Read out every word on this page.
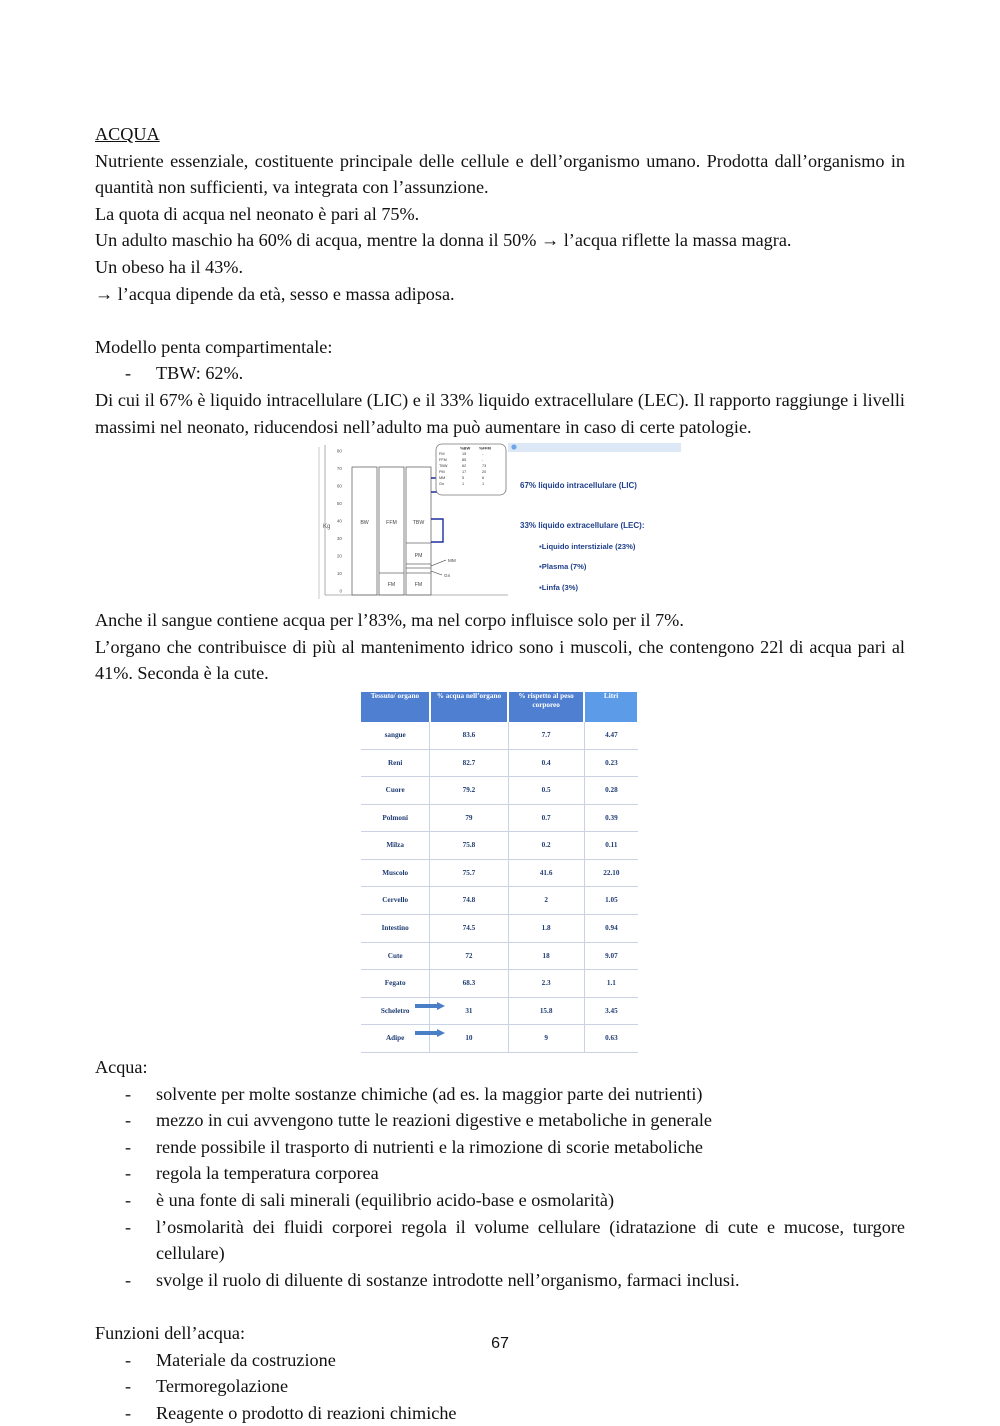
ACQUA

Nutriente essenziale, costituente principale delle cellule e dell’organismo umano. Prodotta dall’organismo in quantità non sufficienti, va integrata con l’assunzione.

La quota di acqua nel neonato è pari al 75%.

Un adulto maschio ha 60% di acqua, mentre la donna il 50% → l’acqua riflette la massa magra.

Un obeso ha il 43%.

→ l’acqua dipende da età, sesso e massa adiposa.

Modello penta compartimentale:

- TBW: 62%.

Di cui il 67% è liquido intracellulare (LIC) e il 33% liquido extracellulare (LEC). Il rapporto raggiunge i livelli massimi nel neonato, riducendosi nell’adulto ma può aumentare in caso di certe patologie.

80
70
60
50
40
30
20
10
0
Kg
BW	FFM	TBW
FM	FM
PM
MM
Gn
%BW %FFM
FM	15	-
FFM	85	-
TBW	62	73
PM	17	20
MM	5	6
Gn	1	1	67% liquido intracellulare (LIC)
33% liquido extracellulare (LEC):
▪Liquido interstiziale (23%)
▪Plasma (7%)
▪Linfa (3%)

Anche il sangue contiene acqua per l’83%, ma nel corpo influisce solo per il 7%.

L’organo che contribuisce di più al mantenimento idrico sono i muscoli, che contengono 22l di acqua pari al 41%. Seconda è la cute.

Tessuto/ organo	% acqua nell’organo	% rispetto al peso corporeo	Litri
sangue	83.6	7.7	4.47
Reni	82.7	0.4	0.23
Cuore	79.2	0.5	0.28
Polmoni	79	0.7	0.39
Milza	75.8	0.2	0.11
Muscolo	75.7	41.6	22.10
Cervello	74.8	2	1.05
Intestino	74.5	1.8	0.94
Cute	72	18	9.07
Fegato	68.3	2.3	1.1
Scheletro	31	15.8	3.45
Adipe	10	9	0.63

Acqua:

- solvente per molte sostanze chimiche (ad es. la maggior parte dei nutrienti)
- mezzo in cui avvengono tutte le reazioni digestive e metaboliche in generale
- rende possibile il trasporto di nutrienti e la rimozione di scorie metaboliche
- regola la temperatura corporea
- è una fonte di sali minerali (equilibrio acido-base e osmolarità)
- l’osmolarità dei fluidi corporei regola il volume cellulare (idratazione di cute e mucose, turgore cellulare)
- svolge il ruolo di diluente di sostanze introdotte nell’organismo, farmaci inclusi.

Funzioni dell’acqua:

- Materiale da costruzione
- Termoregolazione
- Reagente o prodotto di reazioni chimiche
67
